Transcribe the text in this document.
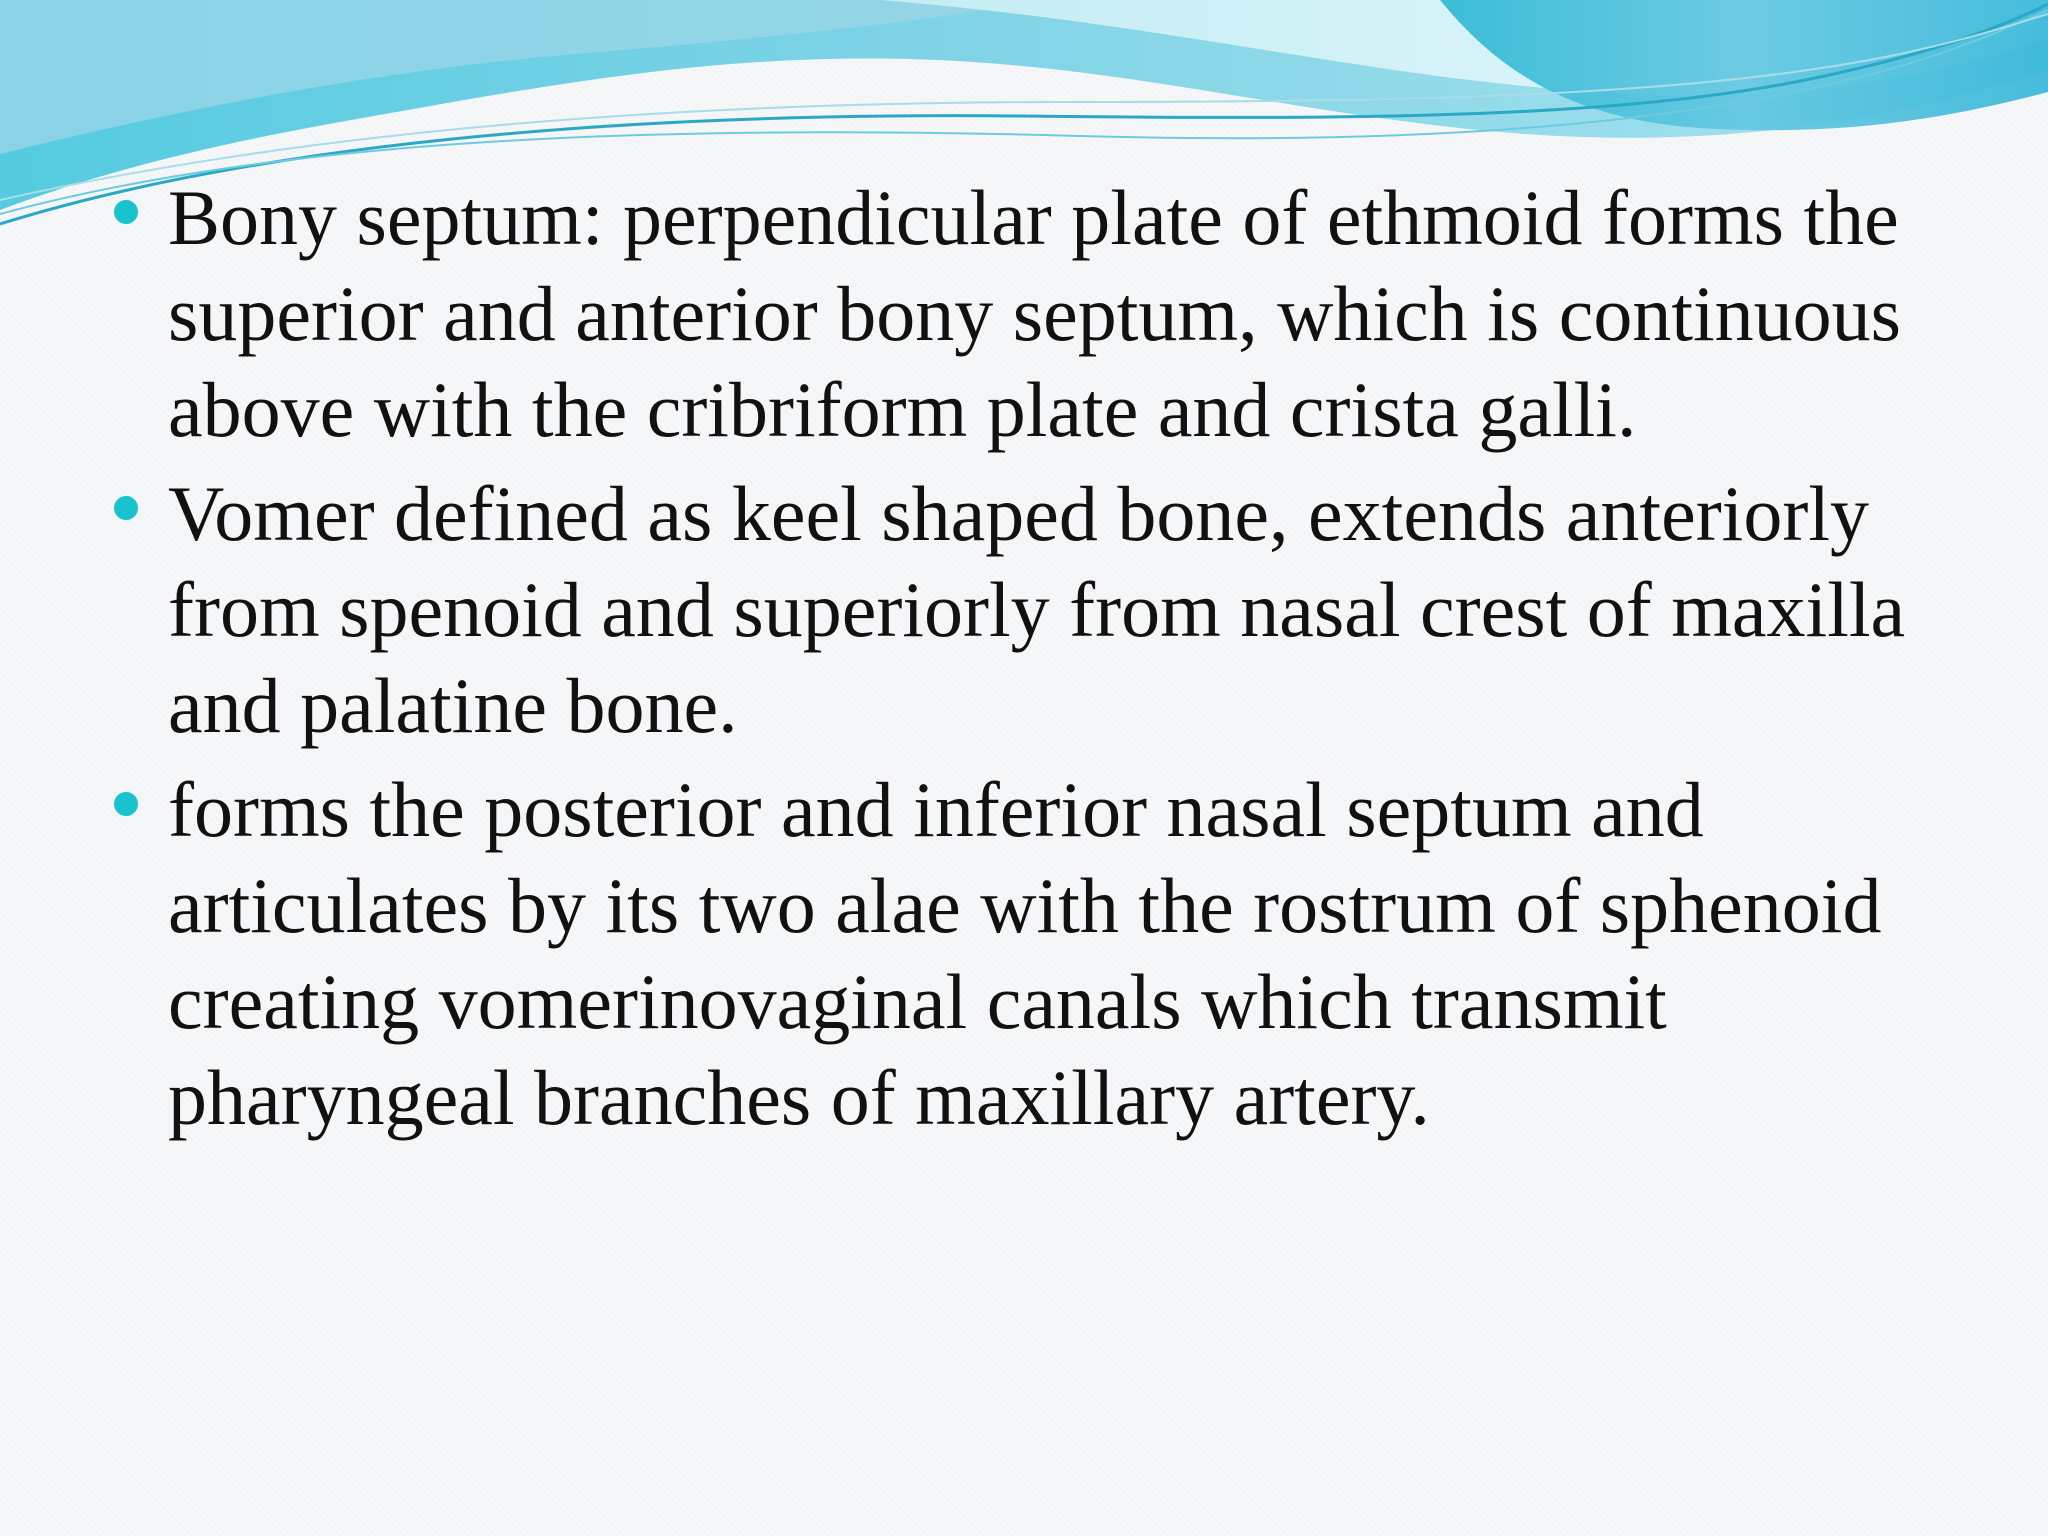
Bony septum: perpendicular plate of ethmoid forms the superior and anterior bony septum, which is continuous above with the cribriform plate and crista galli.
Vomer defined as keel shaped bone, extends anteriorly from spenoid and superiorly from nasal crest of maxilla and palatine bone.
forms the posterior and inferior nasal septum and articulates by its two alae with the rostrum of sphenoid creating vomerinovaginal canals which transmit pharyngeal branches of maxillary artery.
